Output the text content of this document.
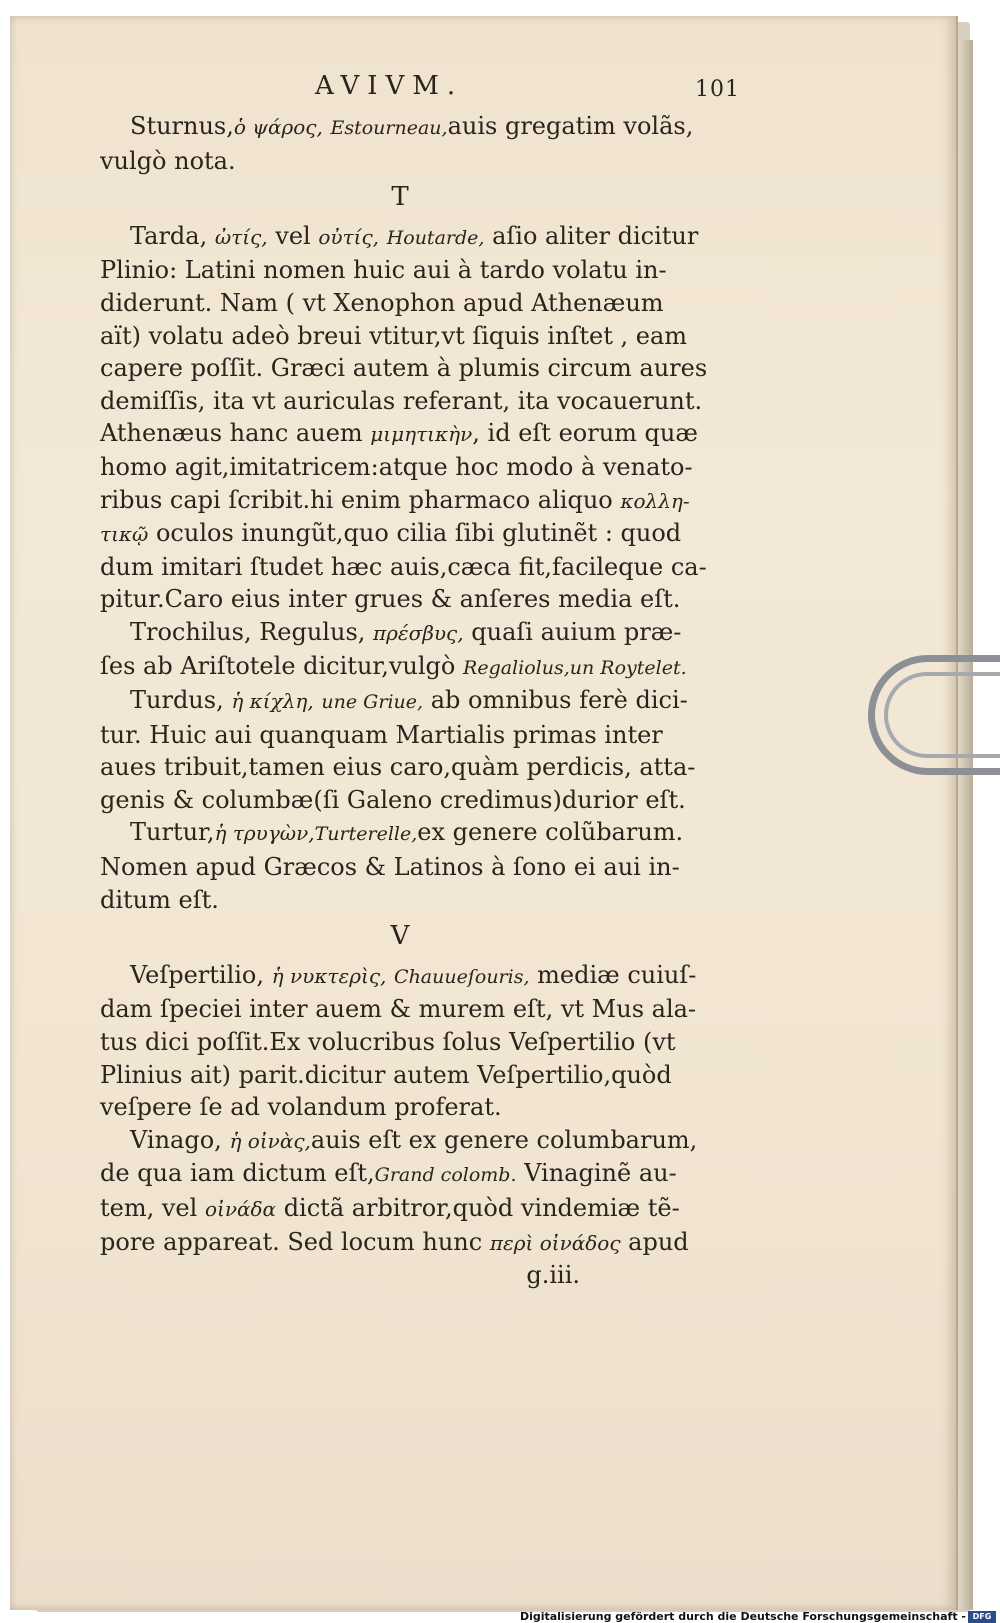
AVIVM.	101
Sturnus,ὁ ψάρος, Estourneau,auis gregatim volãs,
vulgò nota.
T
Tarda, ὠτίς, vel οὐτίς, Houtarde, aſio aliter dicitur
Plinio: Latini nomen huic aui à tardo volatu in-
diderunt. Nam ( vt Xenophon apud Athenæum
aït) volatu adeò breui vtitur,vt ſiquis inſtet , eam
capere poſſit. Græci autem à plumis circum aures
demiſſis, ita vt auriculas referant, ita vocauerunt.
Athenæus hanc auem μιμητικὴν, id eſt eorum quæ
homo agit,imitatricem:atque hoc modo à venato-
ribus capi ſcribit.hi enim pharmaco aliquo κολλη-
τικῷ oculos inungũt,quo cilia ſibi glutinẽt : quod
dum imitari ſtudet hæc auis,cæca fit,facileque ca-
pitur.Caro eius inter grues & anſeres media eſt.
Trochilus, Regulus, πρέσβυς, quaſi auium præ-
ſes ab Ariſtotele dicitur,vulgò Regaliolus,un Roytelet.
Turdus, ἡ κίχλη, une Griue, ab omnibus ferè dici-
tur. Huic aui quanquam Martialis primas inter
aues tribuit,tamen eius caro,quàm perdicis, atta-
genis & columbæ(ſi Galeno credimus)durior eſt.
Turtur,ἡ τρυγὼν,Turterelle,ex genere colũbarum.
Nomen apud Græcos & Latinos à ſono ei aui in-
ditum eſt.
V
Veſpertilio, ἡ νυκτερὶς, Chauueſouris, mediæ cuiuſ-
dam ſpeciei inter auem & murem eſt, vt Mus ala-
tus dici poſſit.Ex volucribus ſolus Veſpertilio (vt
Plinius ait) parit.dicitur autem Veſpertilio,quòd
veſpere ſe ad volandum proferat.
Vinago, ἡ οἰνὰς,auis eſt ex genere columbarum,
de qua iam dictum eſt,Grand colomb. Vinaginẽ au-
tem, vel οἰνάδα dictã arbitror,quòd vindemiæ tẽ-
pore appareat. Sed locum hunc περὶ οἰνάδος apud
g.iii.
Digitalisierung gefördert durch die Deutsche Forschungsgemeinschaft - DFG
